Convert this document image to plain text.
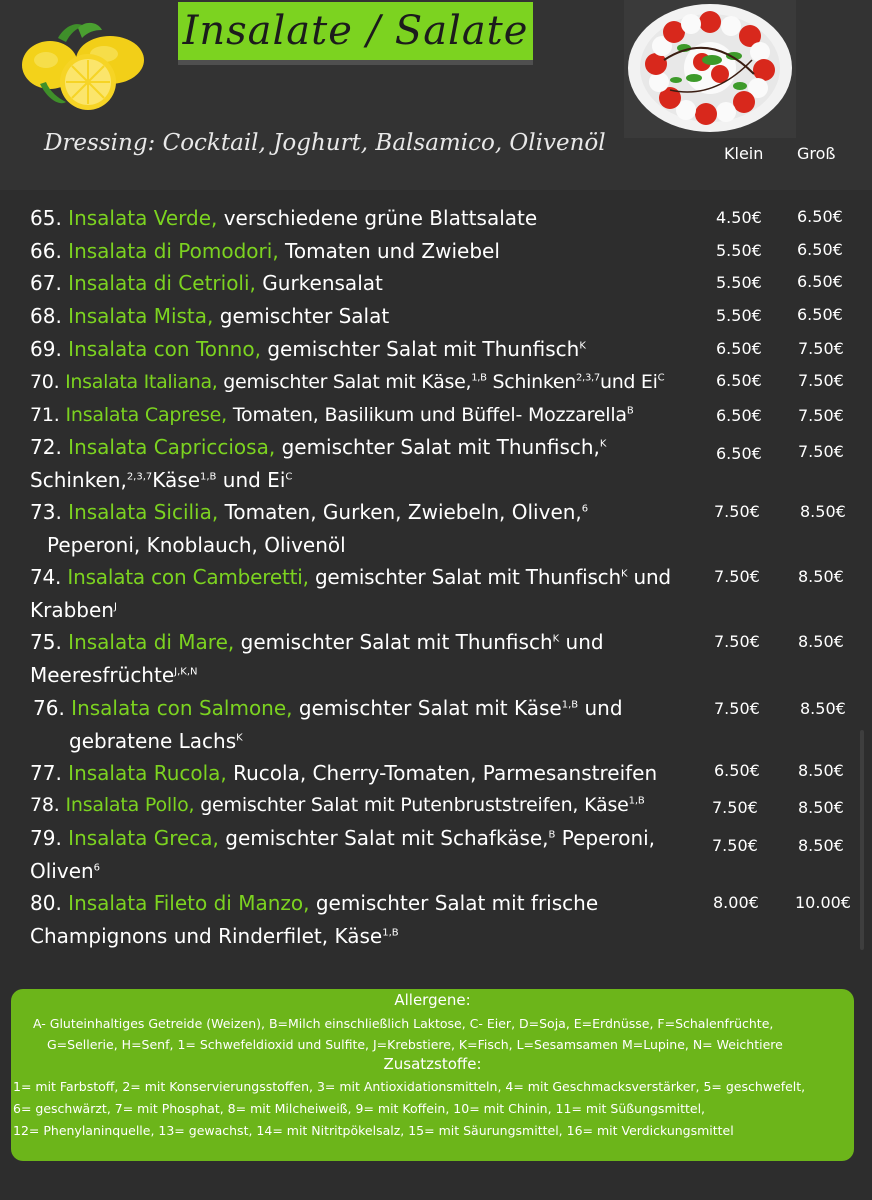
Insalate / Salate
Dressing: Cocktail, Joghurt, Balsamico, Olivenöl	Klein Groß
65. Insalata Verde, verschiedene grüne Blattsalate	4.50€ 6.50€
66. Insalata di Pomodori, Tomaten und Zwiebel	5.50€ 6.50€
67. Insalata di Cetrioli, Gurkensalat	5.50€ 6.50€
68. Insalata Mista, gemischter Salat	5.50€ 6.50€
69. Insalata con Tonno, gemischter Salat mit Thunfisch$^K$	6.50€ 7.50€
70. Insalata Italiana, gemischter Salat mit Käse,$^{1,B}$ Schinken$^{2,3,7}$und $Ei^C$	6.50€ 7.50€
71. Insalata Caprese, Tomaten, Basilikum und Büffel- Mozzarella$^B$	6.50€ 7.50€
72. Insalata Capricciosa, gemischter Salat mit Thunfisch,$^K$
Schinken,$^{2,3,7}$Käse$^{1,B}$ und $Ei^C$
6.50€ 7.50€
73. Insalata Sicilia, Tomaten, Gurken, Zwiebeln, Oliven,$^6$
Peperoni, Knoblauch, Olivenöl
7.50€	8.50€
74. Insalata con Camberetti, gemischter Salat mit Thunfisch$^K$ und
Krabben$^J$
7.50€ 8.50€
75. Insalata di Mare, gemischter Salat mit Thunfisch$^K$ und
Meeresfrüchte$^{J,K,N}$
7.50€ 8.50€
76. Insalata con Salmone, gemischter Salat mit Käse$^{1,B}$ und
gebratene Lachs$^K$
7.50€	8.50€
77. Insalata Rucola, Rucola, Cherry-Tomaten, Parmesanstreifen	6.50€ 8.50€
78. Insalata Pollo, gemischter Salat mit Putenbruststreifen, Käse$^{1,B}$	7.50€	8.50€
79. Insalata Greca, gemischter Salat mit Schafkäse,$^B$ Peperoni,
Oliven$^6$
7.50€	8.50€
80. Insalata Fileto di Manzo, gemischter Salat mit frische
Champignons und Rinderfilet, Käse$^{1,B}$
8.00€ 10.00€
Allergene:
A- Gluteinhaltiges Getreide (Weizen), B=Milch einschließlich Laktose, C- Eier, D=Soja, E=Erdnüsse, F=Schalenfrüchte,
G=Sellerie, H=Senf, 1= Schwefeldioxid und Sulfite, J=Krebstiere, K=Fisch, L=Sesamsamen M=Lupine, N= Weichtiere
Zusatzstoffe:
1= mit Farbstoff, 2= mit Konservierungsstoffen, 3= mit Antioxidationsmitteln, 4= mit Geschmacksverstärker, 5= geschwefelt,
6= geschwärzt, 7= mit Phosphat, 8= mit Milcheiweiß, 9= mit Koffein, 10= mit Chinin, 11= mit Süßungsmittel,
12= Phenylaninquelle, 13= gewachst, 14= mit Nitritpökelsalz, 15= mit Säurungsmittel, 16= mit Verdickungsmittel
